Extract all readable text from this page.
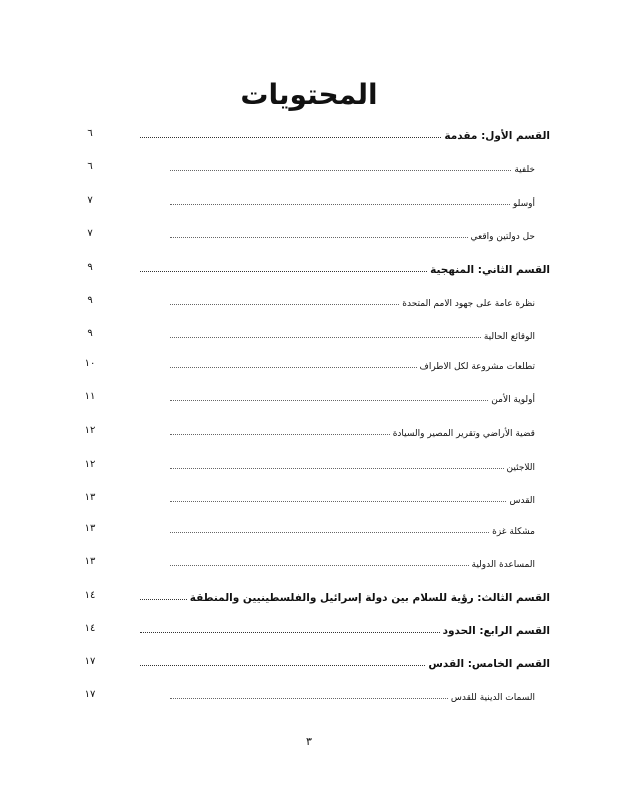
المحتويات
القسم الأول: مقدمة
٦
خلفية
٦
أوسلو
٧
حل دولتين واقعي
٧
القسم الثاني: المنهجية
٩
نظرة عامة على جهود الامم المتحدة
٩
الوقائع الحالية
٩
تطلعات مشروعة لكل الاطراف
١٠
أولوية الأمن
١١
قضية الأراضي وتقرير المصير والسيادة
١٢
اللاجئين
١٢
القدس
١٣
مشكلة غزة
١٣
المساعدة الدولية
١٣
القسم الثالث: رؤية للسلام بين دولة إسرائيل والفلسطينيين والمنطقة
١٤
القسم الرابع: الحدود
١٤
القسم الخامس: القدس
١٧
السمات الدينية للقدس
١٧
٣
